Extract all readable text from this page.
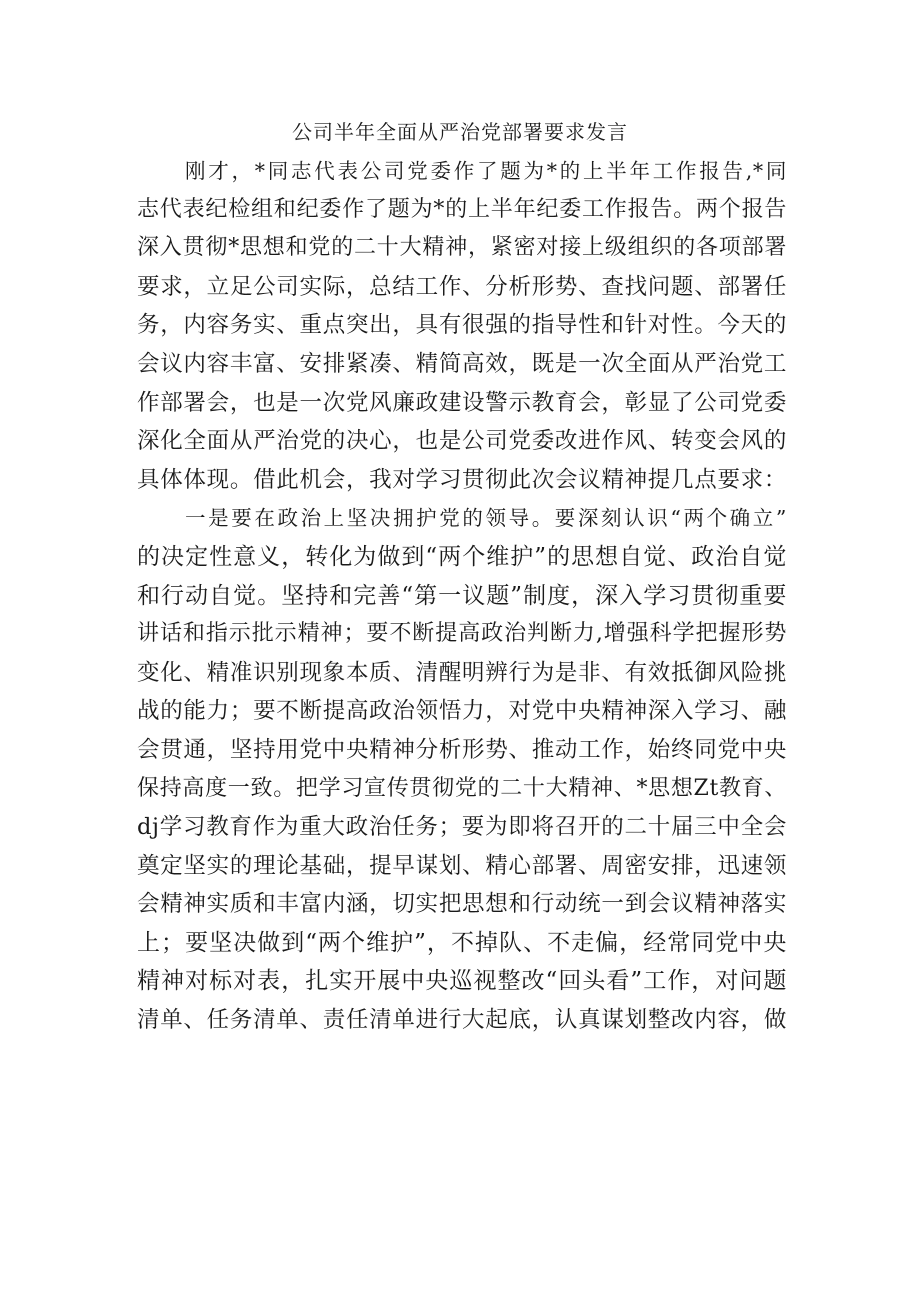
公司半年全面从严治党部署要求发言
刚才，*同志代表公司党委作了题为*的上半年工作报告,*同
志代表纪检组和纪委作了题为*的上半年纪委工作报告。两个报告
深入贯彻*思想和党的二十大精神，紧密对接上级组织的各项部署
要求，立足公司实际，总结工作、分析形势、查找问题、部署任
务，内容务实、重点突出，具有很强的指导性和针对性。今天的
会议内容丰富、安排紧凑、精简高效，既是一次全面从严治党工
作部署会，也是一次党风廉政建设警示教育会，彰显了公司党委
深化全面从严治党的决心，也是公司党委改进作风、转变会风的
具体体现。借此机会，我对学习贯彻此次会议精神提几点要求：
一是要在政治上坚决拥护党的领导。要深刻认识“两个确立”
的决定性意义，转化为做到“两个维护”的思想自觉、政治自觉
和行动自觉。坚持和完善“第一议题”制度，深入学习贯彻重要
讲话和指示批示精神；要不断提高政治判断力,增强科学把握形势
变化、精准识别现象本质、清醒明辨行为是非、有效抵御风险挑
战的能力；要不断提高政治领悟力，对党中央精神深入学习、融
会贯通，坚持用党中央精神分析形势、推动工作，始终同党中央
保持高度一致。把学习宣传贯彻党的二十大精神、*思想Zt教育、
dj学习教育作为重大政治任务；要为即将召开的二十届三中全会
奠定坚实的理论基础，提早谋划、精心部署、周密安排，迅速领
会精神实质和丰富内涵，切实把思想和行动统一到会议精神落实
上；要坚决做到“两个维护”，不掉队、不走偏，经常同党中央
精神对标对表，扎实开展中央巡视整改“回头看”工作，对问题
清单、任务清单、责任清单进行大起底，认真谋划整改内容，做
